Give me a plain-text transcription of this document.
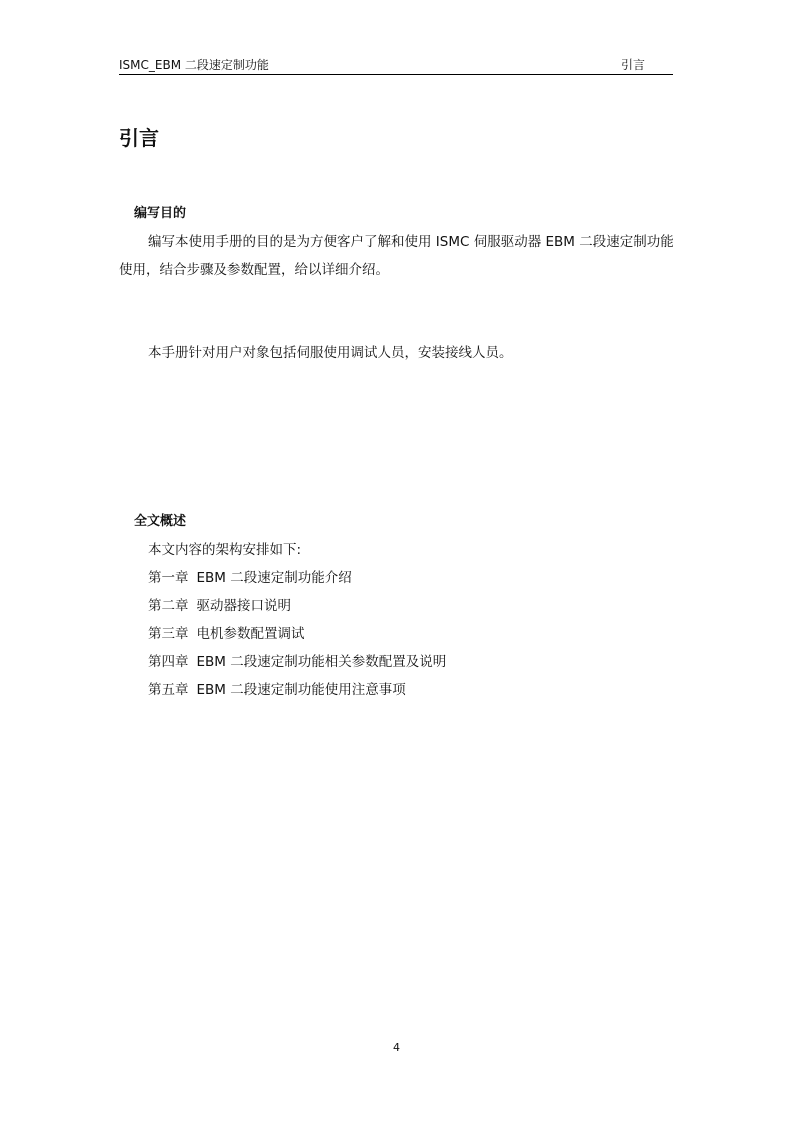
ISMC_EBM 二段速定制功能	引言
引言
编写目的
编写本使用手册的目的是为方便客户了解和使用 ISMC 伺服驱动器 EBM 二段速定制功能
使用，结合步骤及参数配置，给以详细介绍。
本手册针对用户对象包括伺服使用调试人员，安装接线人员。
全文概述
本文内容的架构安排如下:
第一章 EBM 二段速定制功能介绍
第二章 驱动器接口说明
第三章 电机参数配置调试
第四章 EBM 二段速定制功能相关参数配置及说明
第五章 EBM 二段速定制功能使用注意事项
4
